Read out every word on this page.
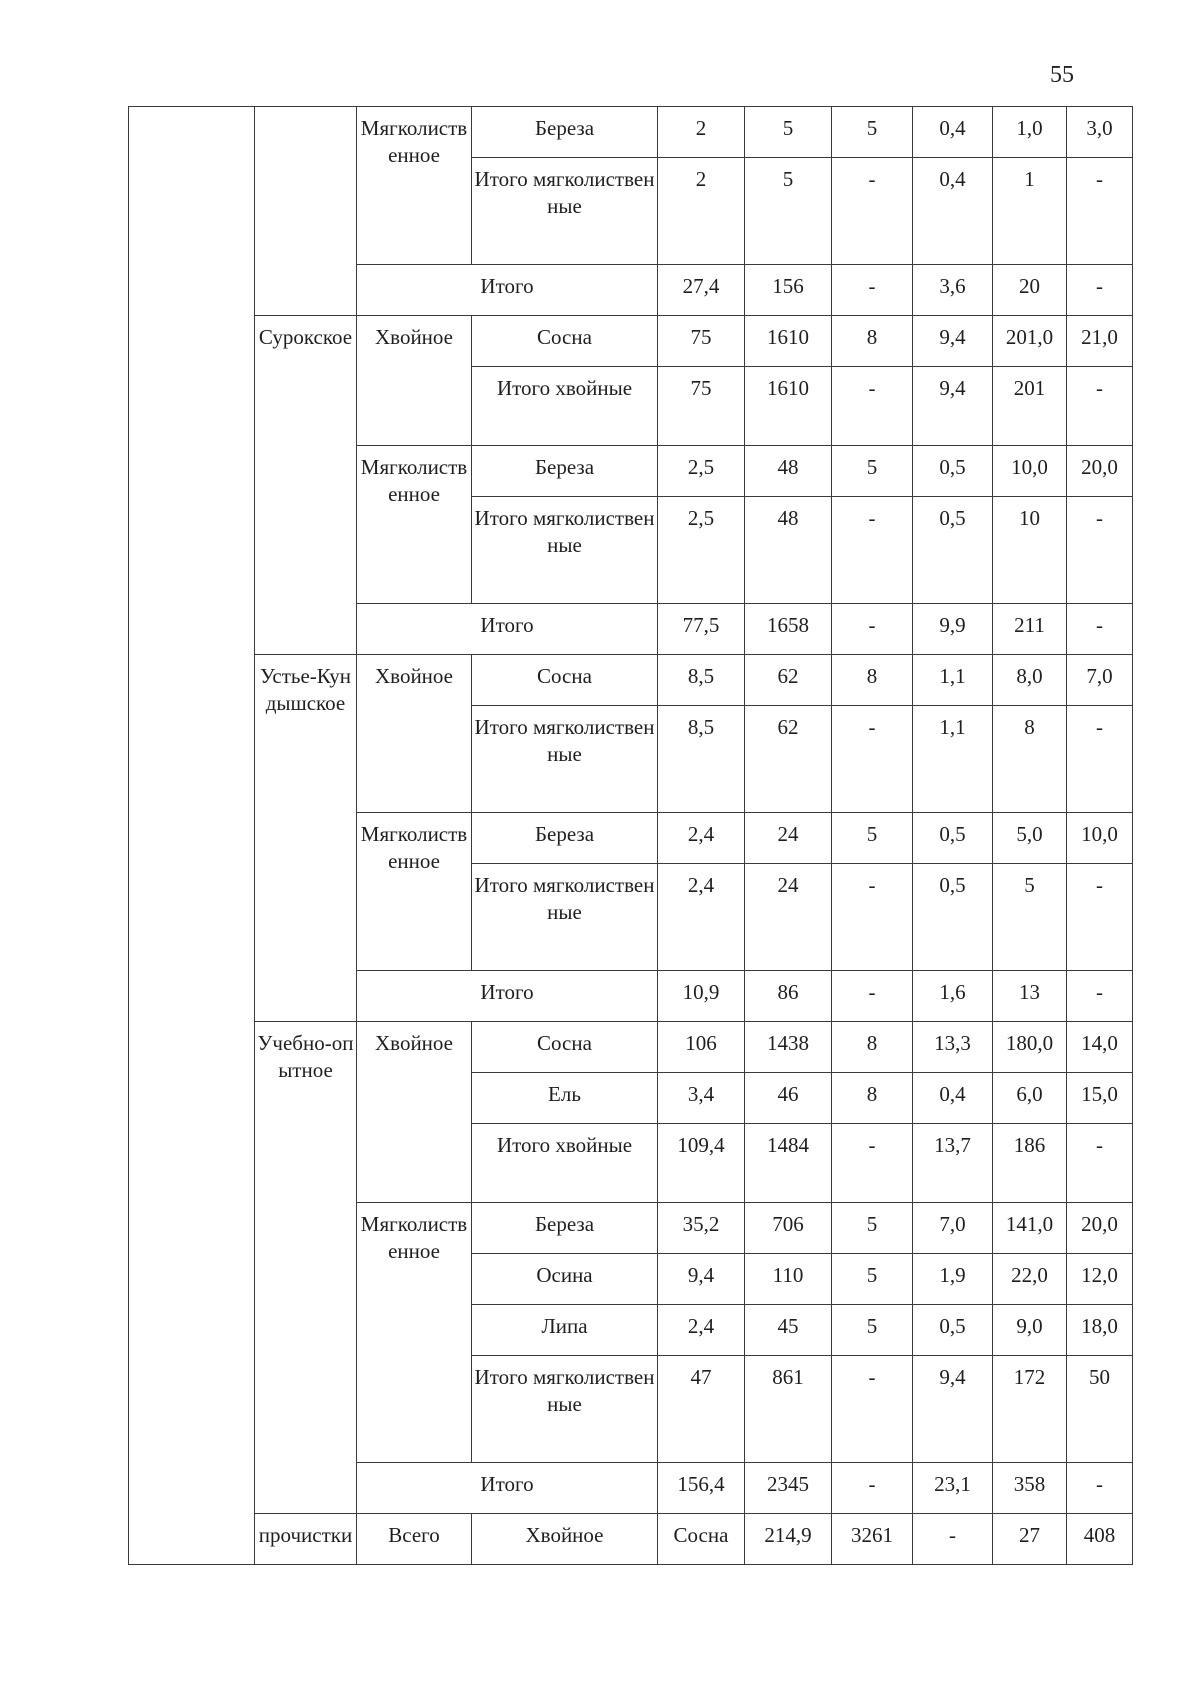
55
		Мягколиственное	Береза	2	5	5	0,4	1,0	3,0	
			Итого мягколиственные	2	5	-	0,4	1	-	
		Итого		27,4	156	-	3,6	20	-	
	Сурокское	Хвойное	Сосна	75	1610	8	9,4	201,0	21,0	
			Итого хвойные	75	1610	-	9,4	201	-	
		Мягколиственное	Береза	2,5	48	5	0,5	10,0	20,0	
			Итого мягколиственные	2,5	48	-	0,5	10	-	
		Итого		77,5	1658	-	9,9	211	-	
	Устье-Кундышское	Хвойное	Сосна	8,5	62	8	1,1	8,0	7,0	
			Итого мягколиственные	8,5	62	-	1,1	8	-	
		Мягколиственное	Береза	2,4	24	5	0,5	5,0	10,0	
			Итого мягколиственные	2,4	24	-	0,5	5	-	
		Итого		10,9	86	-	1,6	13	-	
	Учебно-опытное	Хвойное	Сосна	106	1438	8	13,3	180,0	14,0	
			Ель	3,4	46	8	0,4	6,0	15,0	
			Итого хвойные	109,4	1484	-	13,7	186	-	
		Мягколиственное	Береза	35,2	706	5	7,0	141,0	20,0	
			Осина	9,4	110	5	1,9	22,0	12,0	
			Липа	2,4	45	5	0,5	9,0	18,0	
			Итого мягколиственные	47	861	-	9,4	172	50	
		Итого		156,4	2345	-	23,1	358	-	
	прочистки	Всего	Хвойное	Сосна	214,9	3261	-	27	408	
